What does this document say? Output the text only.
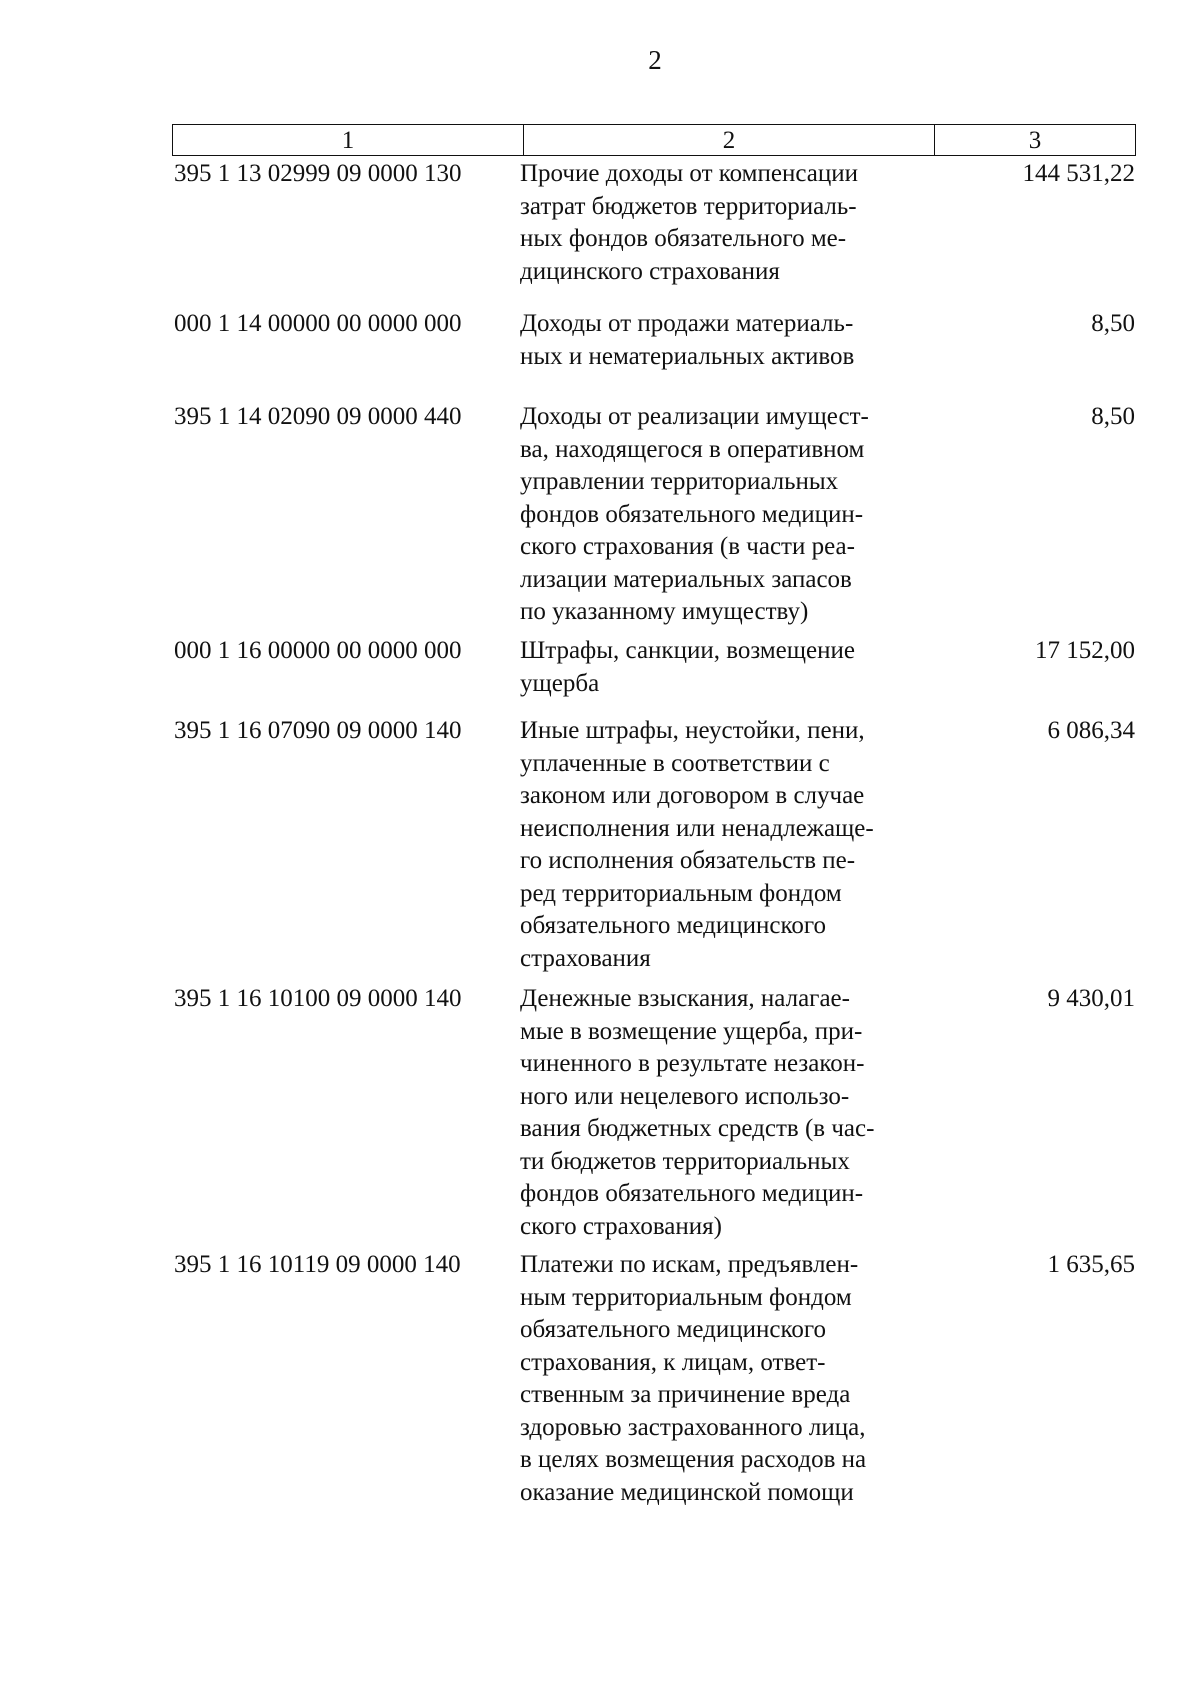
2
1	2	3
395 1 13 02999 09 0000 130	Прочие доходы от компенсации
затрат бюджетов территориаль-
ных фондов обязательного ме-
дицинского страхования
144 531,22
000 1 14 00000 00 0000 000	Доходы от продажи материаль-
ных и нематериальных активов
8,50
395 1 14 02090 09 0000 440	Доходы от реализации имущест-
ва, находящегося в оперативном
управлении территориальных
фондов обязательного медицин-
ского страхования (в части реа-
лизации материальных запасов
по указанному имуществу)
8,50
000 1 16 00000 00 0000 000	Штрафы, санкции, возмещение
ущерба
17 152,00
395 1 16 07090 09 0000 140	Иные штрафы, неустойки, пени,
уплаченные в соответствии с
законом или договором в случае
неисполнения или ненадлежаще-
го исполнения обязательств пе-
ред территориальным фондом
обязательного медицинского
страхования
6 086,34
395 1 16 10100 09 0000 140	Денежные взыскания, налагае-
мые в возмещение ущерба, при-
чиненного в результате незакон-
ного или нецелевого использо-
вания бюджетных средств (в час-
ти бюджетов территориальных
фондов обязательного медицин-
ского страхования)
9 430,01
395 1 16 10119 09 0000 140	Платежи по искам, предъявлен-
ным территориальным фондом
обязательного медицинского
страхования, к лицам, ответ-
ственным за причинение вреда
здоровью застрахованного лица,
в целях возмещения расходов на
оказание медицинской помощи
1 635,65
